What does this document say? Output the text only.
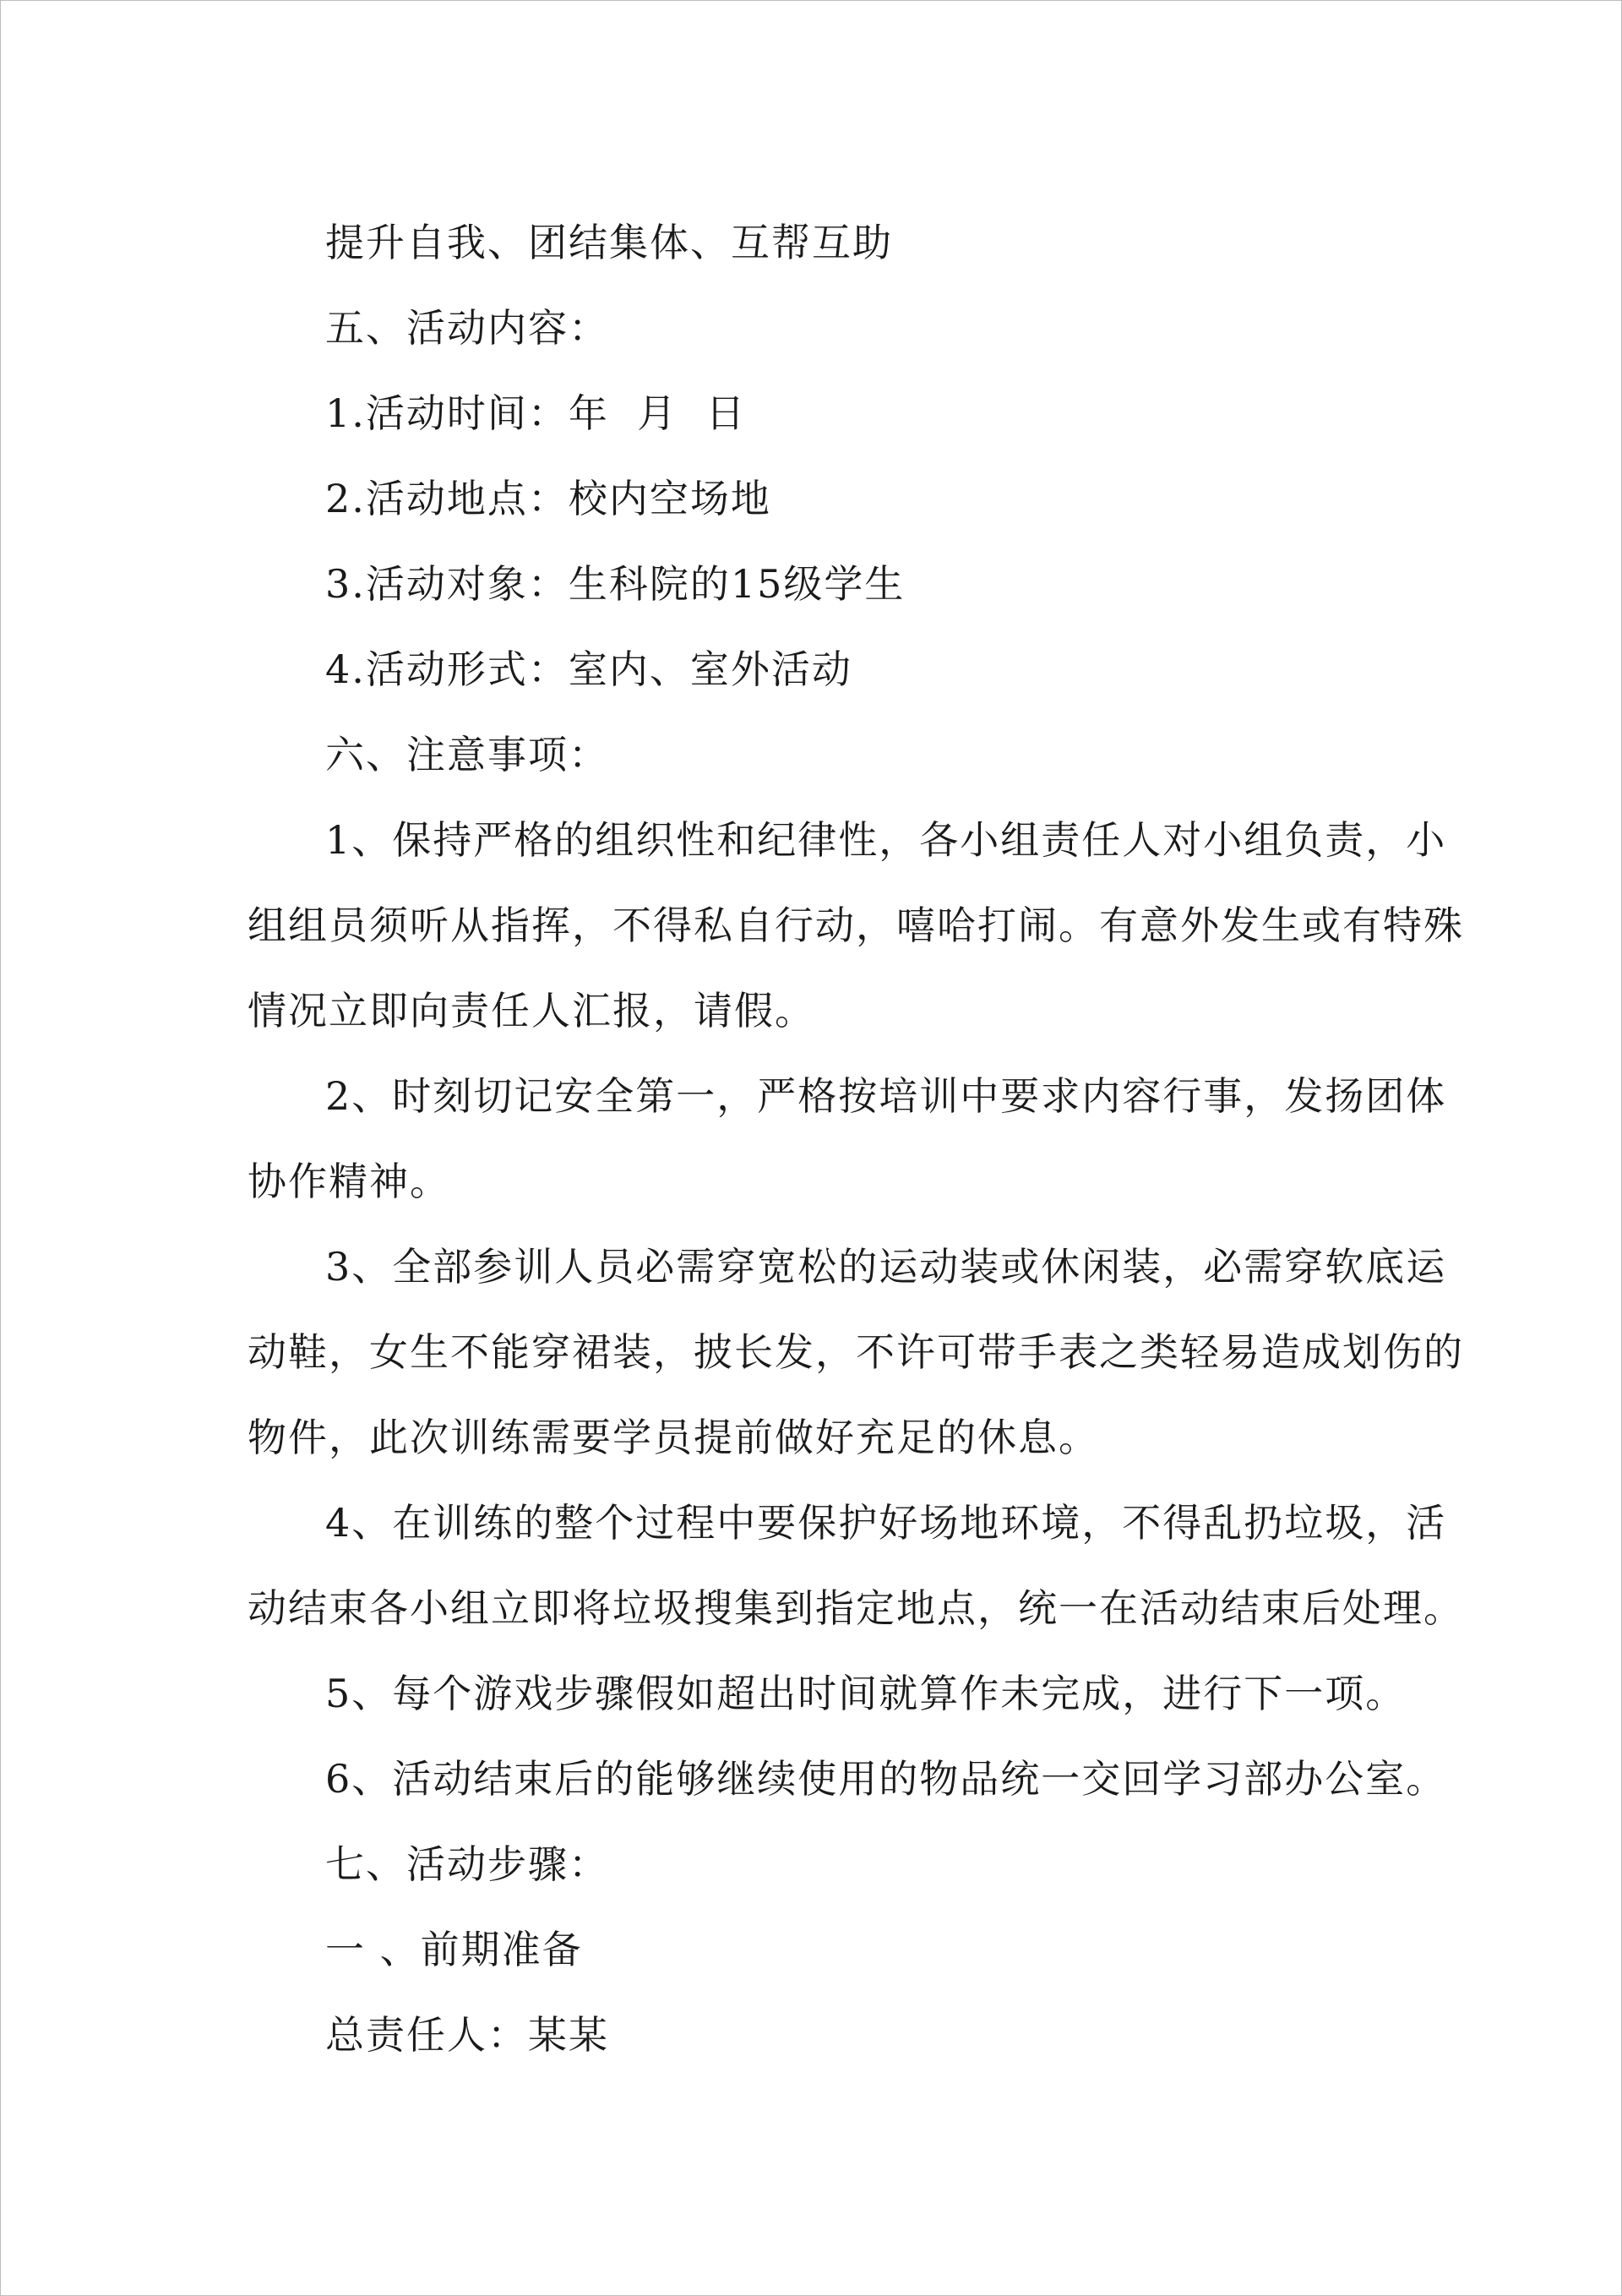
提升自我、团结集体、互帮互助
五、活动内容：
1.活动时间：年  月  日
2.活动地点：校内空场地
3.活动对象：生科院的15级学生
4.活动形式：室内、室外活动
六、注意事项：
1、保持严格的组织性和纪律性，各小组责任人对小组负责，小
组组员须听从指挥，不得私自行动，嘻哈打闹。有意外发生或有特殊
情况立即向责任人汇报，请假。
2、时刻切记安全第一，严格按培训中要求内容行事，发扬团体
协作精神。
3、全部参训人员必需穿宽松的运动装或休闲装，必需穿软底运
动鞋，女生不能穿裙装，披长发，不许可带手表之类轻易造成划伤的
物件，此次训练需要学员提前做好充足的休息。
4、在训练的整个过程中要保护好场地环境，不得乱扔垃圾，活
动结束各小组立即将垃圾搜集到指定地点，统一在活动结束后处理。
5、每个游戏步骤假如超出时间就算作未完成，进行下一项。
6、活动结束后的能够继续使用的物品统一交回学习部办公室。
七、活动步骤：
一 、前期准备
总责任人：某某
